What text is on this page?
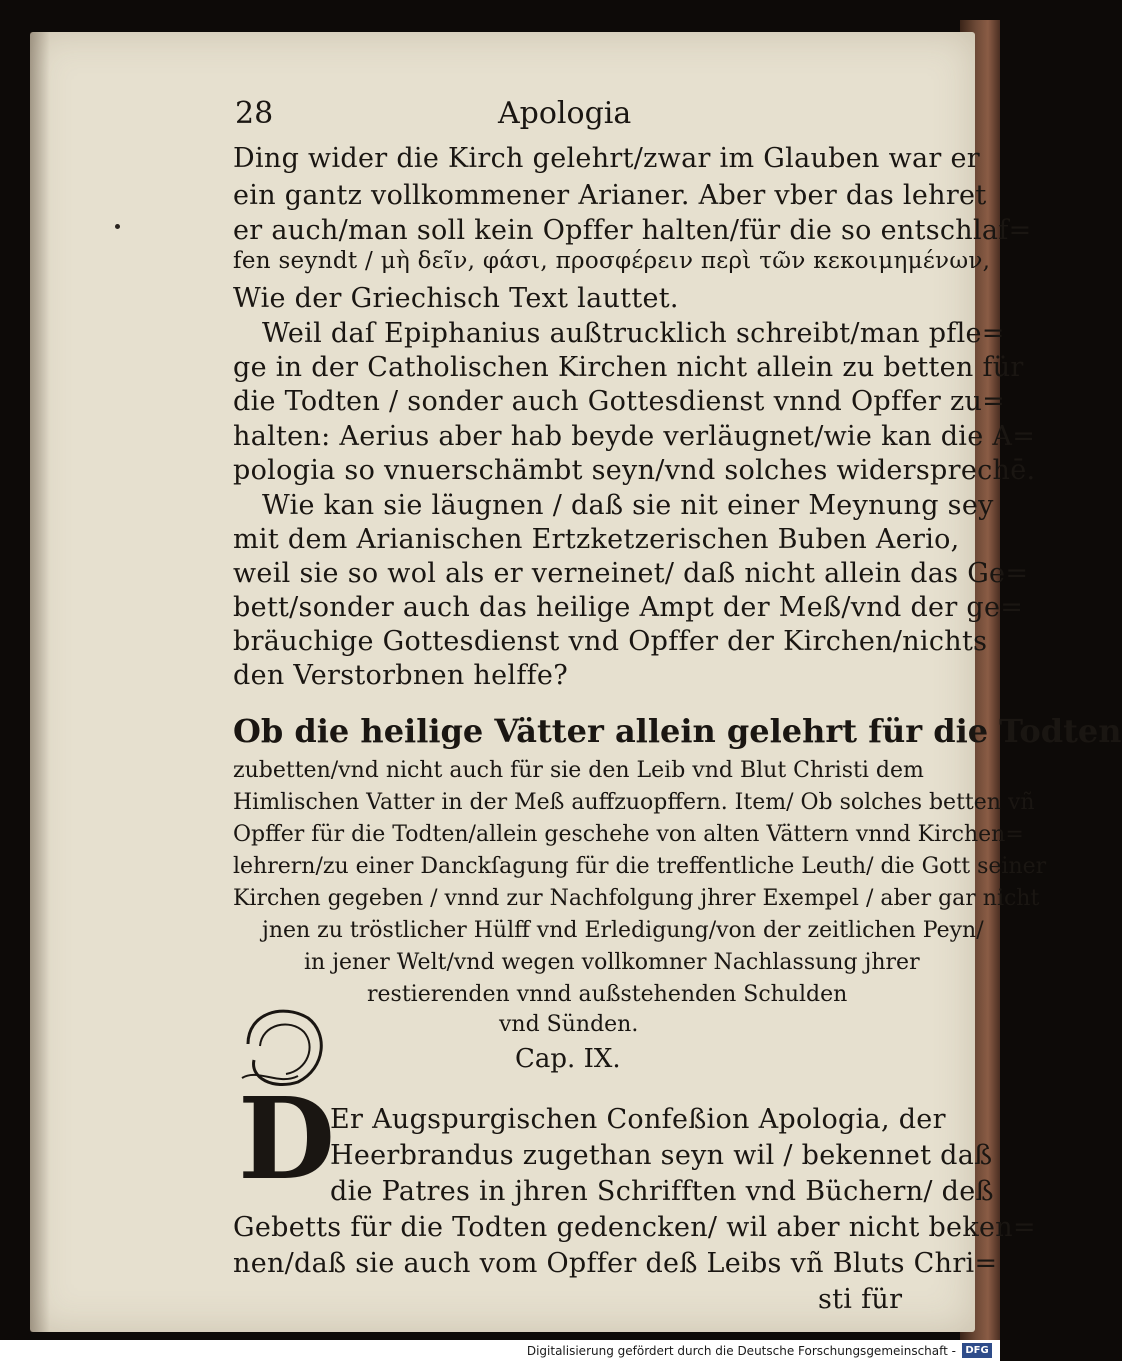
28	Apologia
Ding wider die Kirch gelehrt/zwar im Glauben war er
ein gantz vollkommener Arianer. Aber vber das lehret
er auch/man soll kein Opffer halten/für die so entschlaf=
fen seyndt / μὴ δεῖν, φάσι, προσφέρειν περὶ τῶν κεκοιμημένων,
Wie der Griechisch Text lauttet.
Weil daſ Epiphanius außtrucklich schreibt/man pfle=
ge in der Catholischen Kirchen nicht allein zu betten für
die Todten / sonder auch Gottesdienst vnnd Opffer zu=
halten: Aerius aber hab beyde verläugnet/wie kan die A=
pologia so vnuerschämbt seyn/vnd solches widersprechē.
Wie kan sie läugnen / daß sie nit einer Meynung sey
mit dem Arianischen Ertzketzerischen Buben Aerio,
weil sie so wol als er verneinet/ daß nicht allein das Ge=
bett/sonder auch das heilige Ampt der Meß/vnd der ge=
bräuchige Gottesdienst vnd Opffer der Kirchen/nichts
den Verstorbnen helffe?
Ob die heilige Vätter allein gelehrt für die Todten
zubetten/vnd nicht auch für sie den Leib vnd Blut Christi dem
Himlischen Vatter in der Meß auffzuopffern. Item/ Ob solches betten vñ
Opffer für die Todten/allein geschehe von alten Vättern vnnd Kirchen=
lehrern/zu einer Danckſagung für die treffentliche Leuth/ die Gott seiner
Kirchen gegeben / vnnd zur Nachfolgung jhrer Exempel / aber gar nicht
jnen zu tröstlicher Hülff vnd Erledigung/von der zeitlichen Peyn/
in jener Welt/vnd wegen vollkomner Nachlassung jhrer
restierenden vnnd außstehenden Schulden
vnd Sünden.
Cap. IX.
D
Er Augspurgischen Confeßion Apologia, der
Heerbrandus zugethan seyn wil / bekennet daß
die Patres in jhren Schrifften vnd Büchern/ deß
Gebetts für die Todten gedencken/ wil aber nicht beken=
nen/daß sie auch vom Opffer deß Leibs vñ Bluts Chri=
sti für
Digitalisierung gefördert durch die Deutsche Forschungsgemeinschaft - DFG
